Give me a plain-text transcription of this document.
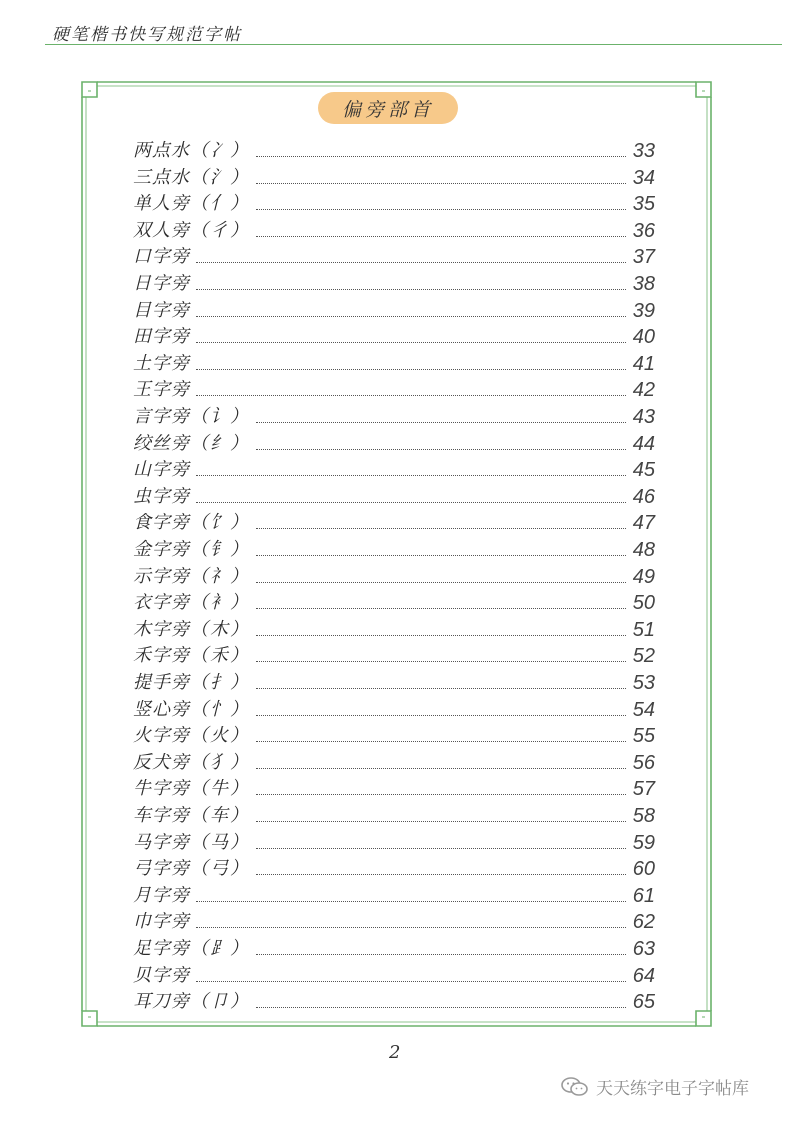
硬笔楷书快写规范字帖
偏旁部首
两点水 （冫）	33
三点水 （氵）	34
单人旁 （亻）	35
双人旁 （彳）	36
口字旁	37
日字旁	38
目字旁	39
田字旁	40
土字旁	41
王字旁	42
言字旁 （讠）	43
绞丝旁 （纟）	44
山字旁	45
虫字旁	46
食字旁 （饣）	47
金字旁 （钅）	48
示字旁 （礻）	49
衣字旁 （衤）	50
木字旁 （木）	51
禾字旁 （禾）	52
提手旁 （扌）	53
竖心旁 （忄）	54
火字旁 （火）	55
反犬旁 （犭）	56
牛字旁 （牛）	57
车字旁 （车）	58
马字旁 （马）	59
弓字旁 （弓）	60
月字旁	61
巾字旁	62
足字旁 （⻊）	63
贝字旁	64
耳刀旁 （卩）	65
2
天天练字电子字帖库
